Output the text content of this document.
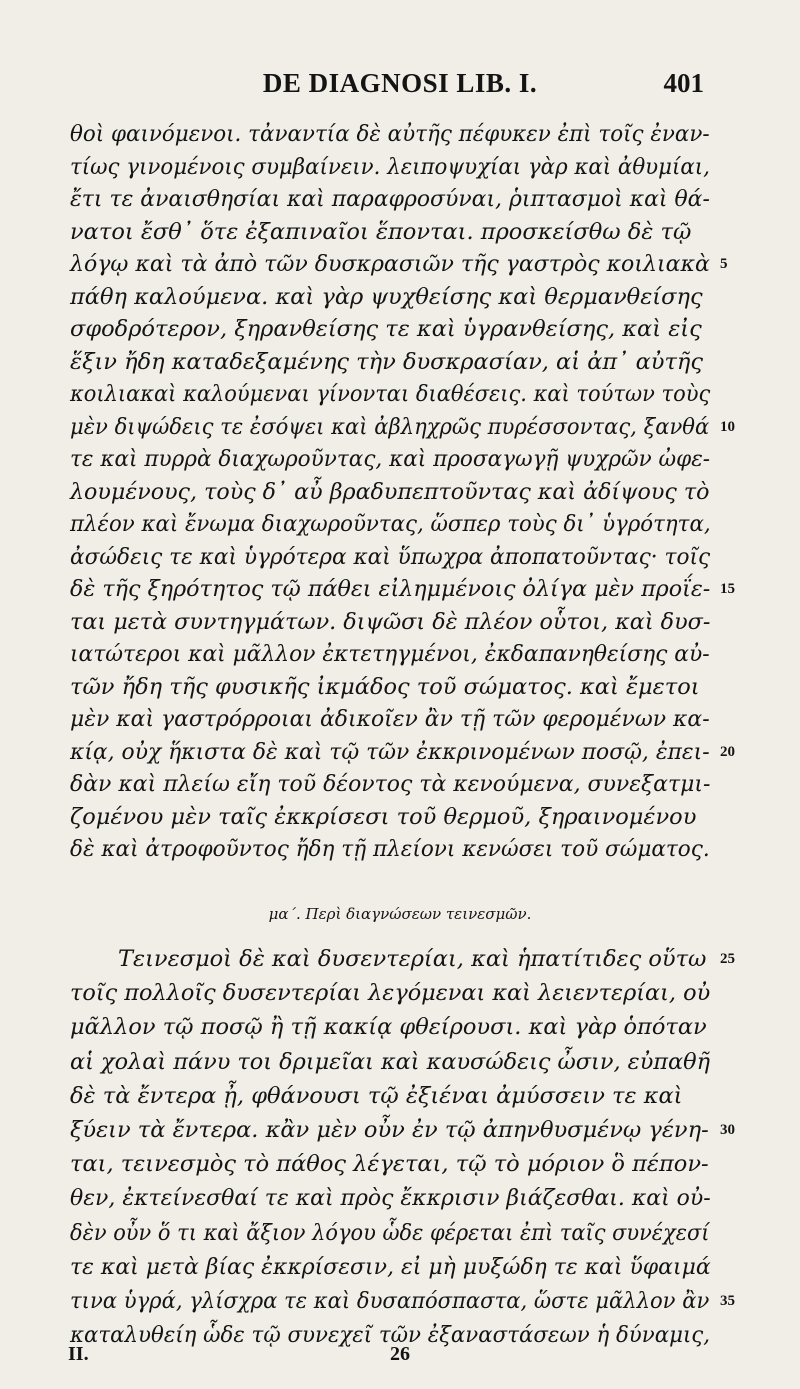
DE DIAGNOSI LIB. I.	401
θοὶ φαινόμενοι. τἀναντία δὲ αὐτῆς πέφυκεν ἐπὶ τοῖς ἐναν-
τίως γινομένοις συμβαίνειν. λειποψυχίαι γὰρ καὶ ἀθυμίαι,
ἔτι τε ἀναισθησίαι καὶ παραφροσύναι, ῥιπτασμοὶ καὶ θά-
νατοι ἔσθ᾽ ὅτε ἐξαπιναῖοι ἕπονται. προσκείσθω δὲ τῷ
λόγῳ καὶ τὰ ἀπὸ τῶν δυσκρασιῶν τῆς γαστρὸς κοιλιακὰ 5
πάθη καλούμενα. καὶ γὰρ ψυχθείσης καὶ θερμανθείσης
σφοδρότερον, ξηρανθείσης τε καὶ ὑγρανθείσης, καὶ εἰς
ἕξιν ἤδη καταδεξαμένης τὴν δυσκρασίαν, αἱ ἀπ᾽ αὐτῆς
κοιλιακαὶ καλούμεναι γίνονται διαθέσεις. καὶ τούτων τοὺς
μὲν διψώδεις τε ἐσόψει καὶ ἀβληχρῶς πυρέσσοντας, ξανθά 10
τε καὶ πυρρὰ διαχωροῦντας, καὶ προσαγωγῇ ψυχρῶν ὠφε-
λουμένους, τοὺς δ᾽ αὖ βραδυπεπτοῦντας καὶ ἀδίψους τὸ
πλέον καὶ ἔνωμα διαχωροῦντας, ὥσπερ τοὺς δι᾽ ὑγρότητα,
ἀσώδεις τε καὶ ὑγρότερα καὶ ὕπωχρα ἀποπατοῦντας· τοῖς
δὲ τῆς ξηρότητος τῷ πάθει εἰλημμένοις ὀλίγα μὲν προΐε- 15
ται μετὰ συντηγμάτων. διψῶσι δὲ πλέον οὗτοι, καὶ δυσ-
ιατώτεροι καὶ μᾶλλον ἐκτετηγμένοι, ἐκδαπανηθείσης αὐ-
τῶν ἤδη τῆς φυσικῆς ἰκμάδος τοῦ σώματος. καὶ ἔμετοι
μὲν καὶ γαστρόρροιαι ἀδικοῖεν ἂν τῇ τῶν φερομένων κα-
κίᾳ, οὐχ ἥκιστα δὲ καὶ τῷ τῶν ἐκκρινομένων ποσῷ, ἐπει- 20
δὰν καὶ πλείω εἴη τοῦ δέοντος τὰ κενούμενα, συνεξατμι-
ζομένου μὲν ταῖς ἐκκρίσεσι τοῦ θερμοῦ, ξηραινομένου
δὲ καὶ ἀτροφοῦντος ἤδη τῇ πλείονι κενώσει τοῦ σώματος.
μα΄. Περὶ διαγνώσεων τεινεσμῶν.
Τεινεσμοὶ δὲ καὶ δυσεντερίαι, καὶ ἡπατίτιδες οὕτω 25
τοῖς πολλοῖς δυσεντερίαι λεγόμεναι καὶ λειεντερίαι, οὐ
μᾶλλον τῷ ποσῷ ἢ τῇ κακίᾳ φθείρουσι. καὶ γὰρ ὁπόταν
αἱ χολαὶ πάνυ τοι δριμεῖαι καὶ καυσώδεις ὦσιν, εὐπαθῆ
δὲ τὰ ἔντερα ᾖ, φθάνουσι τῷ ἐξιέναι ἀμύσσειν τε καὶ
ξύειν τὰ ἔντερα. κἂν μὲν οὖν ἐν τῷ ἀπηνθυσμένῳ γένη- 30
ται, τεινεσμὸς τὸ πάθος λέγεται, τῷ τὸ μόριον ὃ πέπον-
θεν, ἐκτείνεσθαί τε καὶ πρὸς ἔκκρισιν βιάζεσθαι. καὶ οὐ-
δὲν οὖν ὅ τι καὶ ἄξιον λόγου ὧδε φέρεται ἐπὶ ταῖς συνέχεσί
τε καὶ μετὰ βίας ἐκκρίσεσιν, εἰ μὴ μυξώδη τε καὶ ὕφαιμά
τινα ὑγρά, γλίσχρα τε καὶ δυσαπόσπαστα, ὥστε μᾶλλον ἂν 35
καταλυθείη ὧδε τῷ συνεχεῖ τῶν ἐξαναστάσεων ἡ δύναμις,
II.	26
